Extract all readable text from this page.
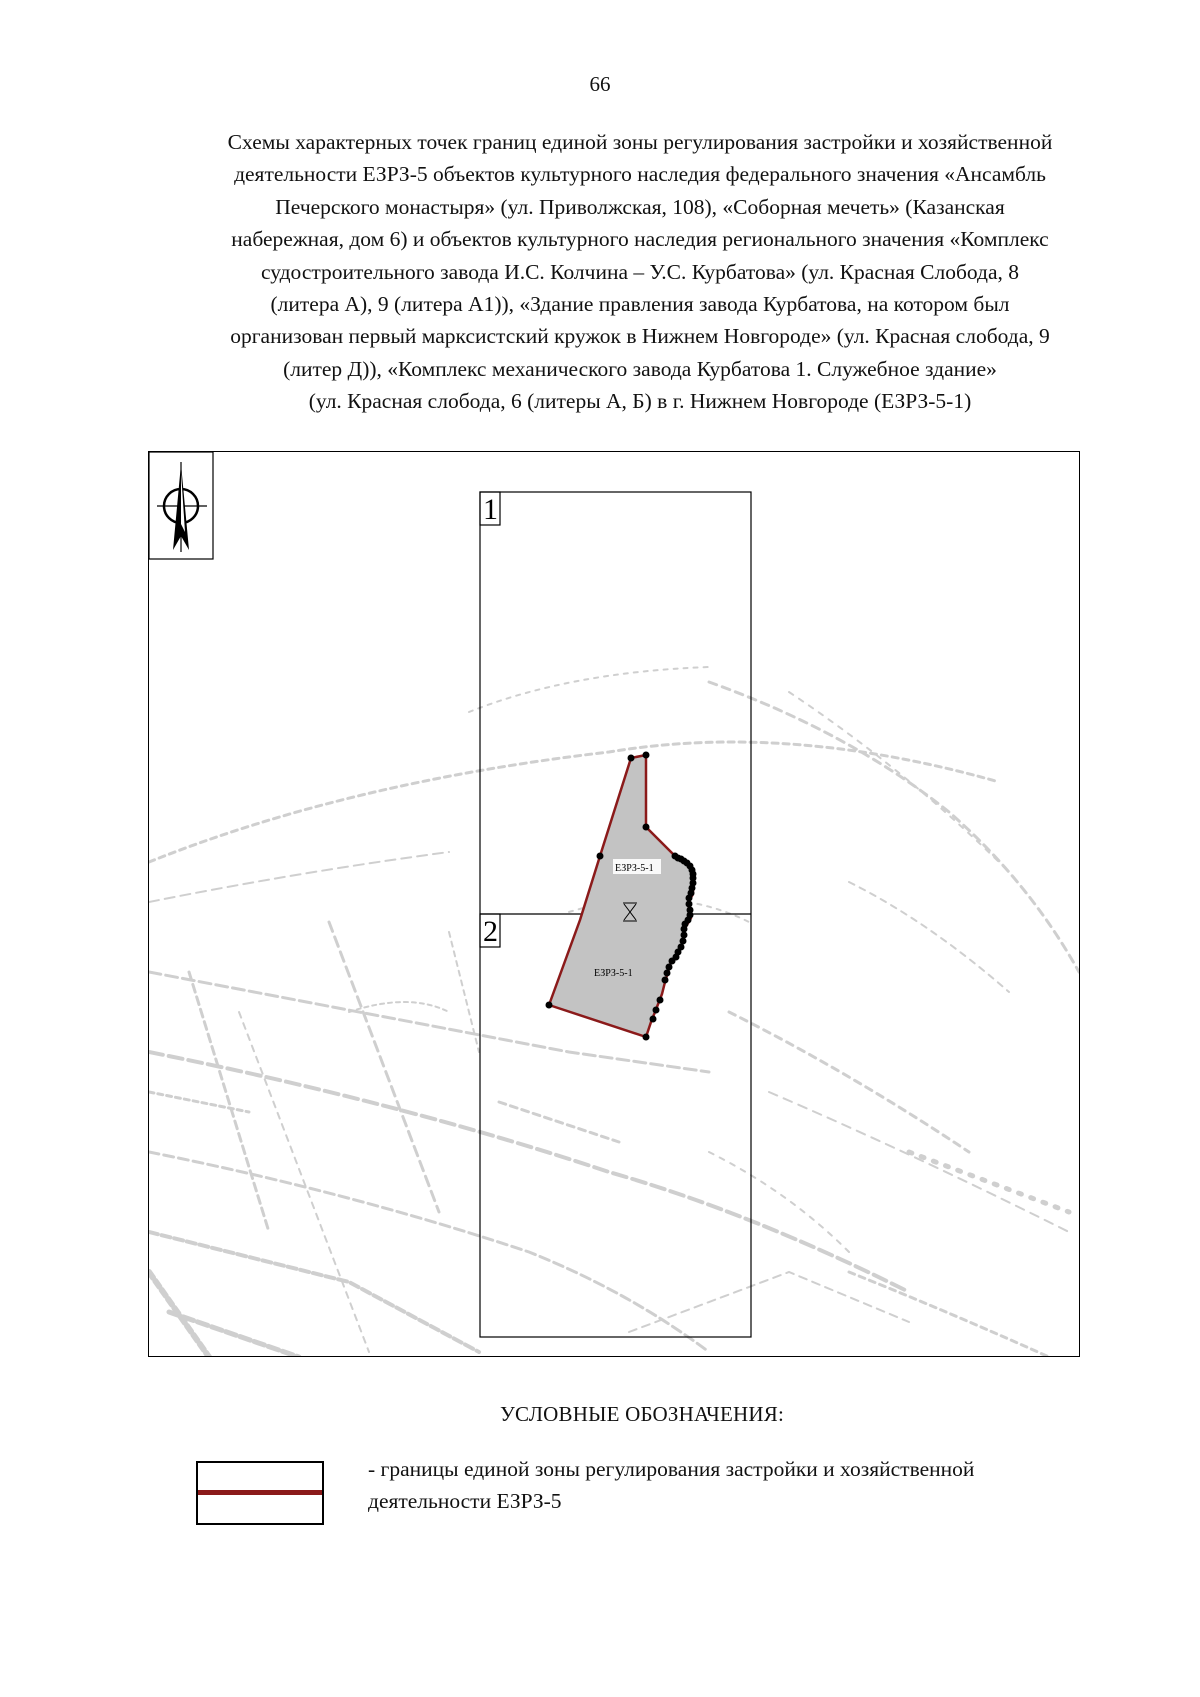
66
Схемы характерных точек границ единой зоны регулирования застройки и хозяйственной
деятельности ЕЗРЗ-5 объектов культурного наследия федерального значения «Ансамбль
Печерского монастыря» (ул. Приволжская, 108), «Соборная мечеть» (Казанская
набережная, дом 6) и объектов культурного наследия регионального значения «Комплекс
судостроительного завода И.С. Колчина – У.С. Курбатова» (ул. Красная Слобода, 8
(литера А), 9 (литера А1)), «Здание правления завода Курбатова, на котором был
организован первый марксистский кружок в Нижнем Новгороде» (ул. Красная слобода, 9
(литер Д)), «Комплекс механического завода Курбатова 1. Служебное здание»
(ул. Красная слобода, 6 (литеры А, Б) в г. Нижнем Новгороде (ЕЗРЗ-5-1)
1
2
ЕЗРЗ-5-1
ЕЗРЗ-5-1
УСЛОВНЫЕ ОБОЗНАЧЕНИЯ:
- границы единой зоны регулирования застройки и хозяйственной деятельности ЕЗРЗ-5
